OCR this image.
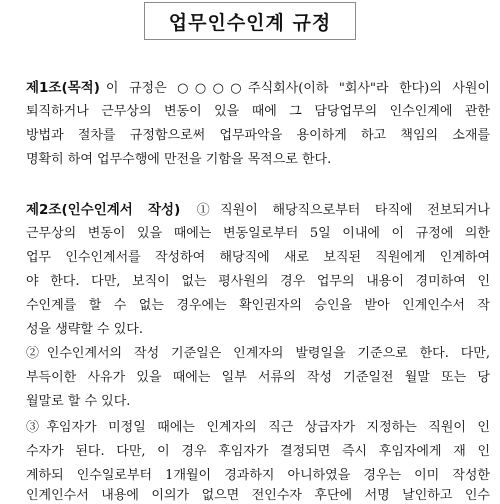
업무인수인계 규정
제1조(목적) 이 규정은 ○○○○주식회사(이하 "회사"라 한다)의 사원이
퇴직하거나 근무상의 변동이 있을 때에 그 담당업무의 인수인계에 관한
방법과 절차를 규정함으로써 업무파악을 용이하게 하고 책임의 소재를
명확히 하여 업무수행에 만전을 기함을 목적으로 한다.
제2조(인수인계서 작성) ①직원이 해당직으로부터 타직에 전보되거나
근무상의 변동이 있을 때에는 변동일로부터 5일 이내에 이 규정에 의한
업무 인수인계서를 작성하여 해당직에 새로 보직된 직원에게 인계하여
야 한다. 다만, 보직이 없는 평사원의 경우 업무의 내용이 경미하여 인
수인계를 할 수 없는 경우에는 확인권자의 승인을 받아 인계인수서 작
성을 생략할 수 있다.
②인수인계서의 작성 기준일은 인계자의 발령일을 기준으로 한다. 다만,
부득이한 사유가 있을 때에는 일부 서류의 작성 기준일전 월말 또는 당
월말로 할 수 있다.
③후임자가 미정일 때에는 인계자의 직근 상급자가 지정하는 직원이 인
수자가 된다. 다만, 이 경우 후임자가 결정되면 즉시 후임자에게 재 인
계하되 인수일로부터 1개월이 경과하지 아니하였을 경우는 이미 작성한
인계인수서 내용에 이의가 없으면 전인수자 후단에 서명 날인하고 인수
